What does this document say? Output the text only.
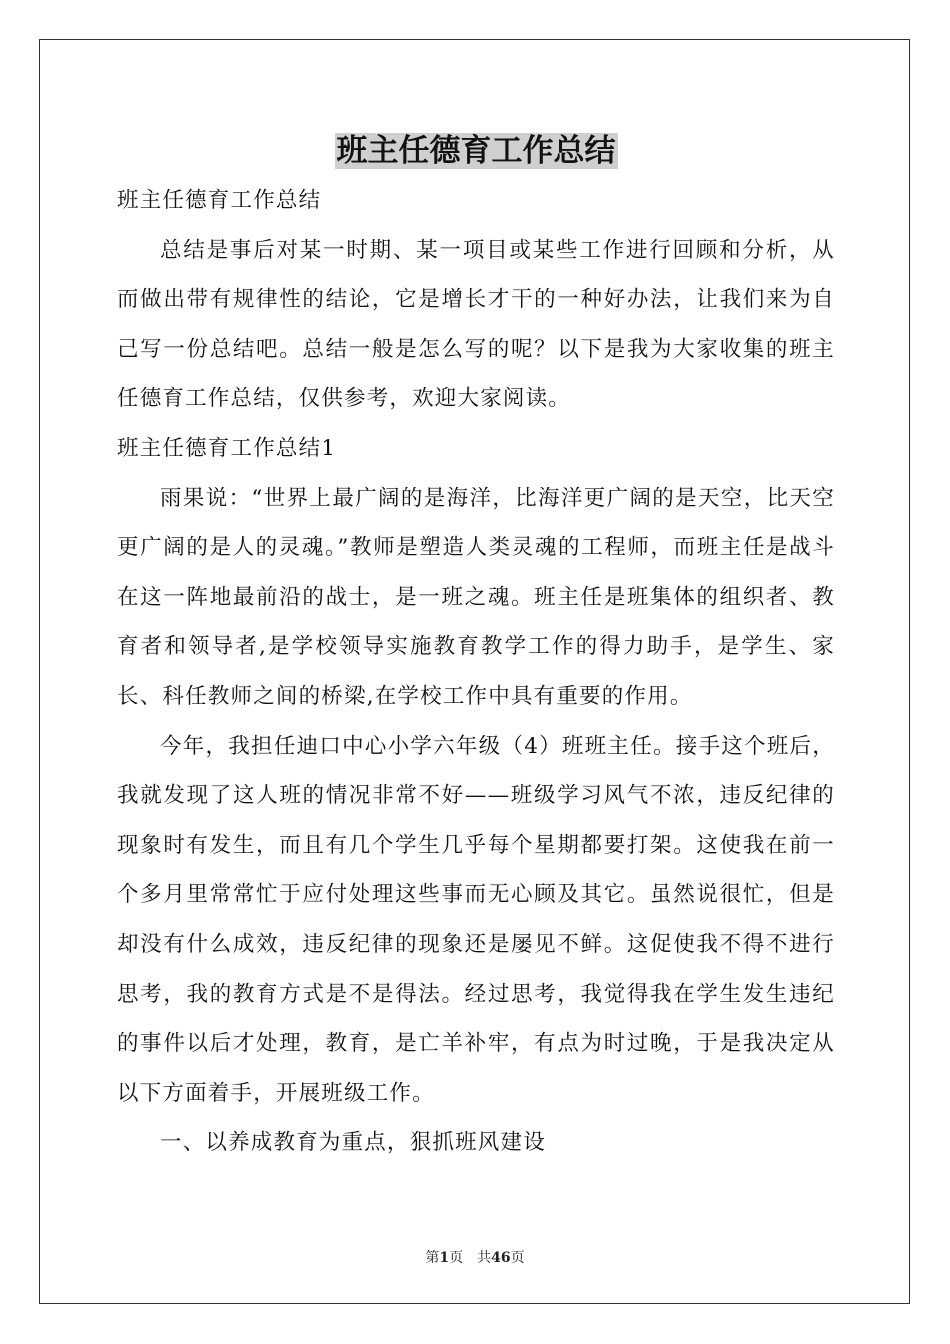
班主任德育工作总结

班主任德育工作总结

总结是事后对某一时期、某一项目或某些工作进行回顾和分析，从而做出带有规律性的结论，它是增长才干的一种好办法，让我们来为自己写一份总结吧。总结一般是怎么写的呢？以下是我为大家收集的班主任德育工作总结，仅供参考，欢迎大家阅读。

班主任德育工作总结1

雨果说：“世界上最广阔的是海洋，比海洋更广阔的是天空，比天空更广阔的是人的灵魂。”教师是塑造人类灵魂的工程师，而班主任是战斗在这一阵地最前沿的战士，是一班之魂。班主任是班集体的组织者、教育者和领导者,是学校领导实施教育教学工作的得力助手，是学生、家长、科任教师之间的桥梁,在学校工作中具有重要的作用。

今年，我担任迪口中心小学六年级（4）班班主任。接手这个班后，我就发现了这人班的情况非常不好——班级学习风气不浓，违反纪律的现象时有发生，而且有几个学生几乎每个星期都要打架。这使我在前一个多月里常常忙于应付处理这些事而无心顾及其它。虽然说很忙，但是却没有什么成效，违反纪律的现象还是屡见不鲜。这促使我不得不进行思考，我的教育方式是不是得法。经过思考，我觉得我在学生发生违纪的事件以后才处理，教育，是亡羊补牢，有点为时过晚，于是我决定从以下方面着手，开展班级工作。

一、以养成教育为重点，狠抓班风建设

第1页 共46页
